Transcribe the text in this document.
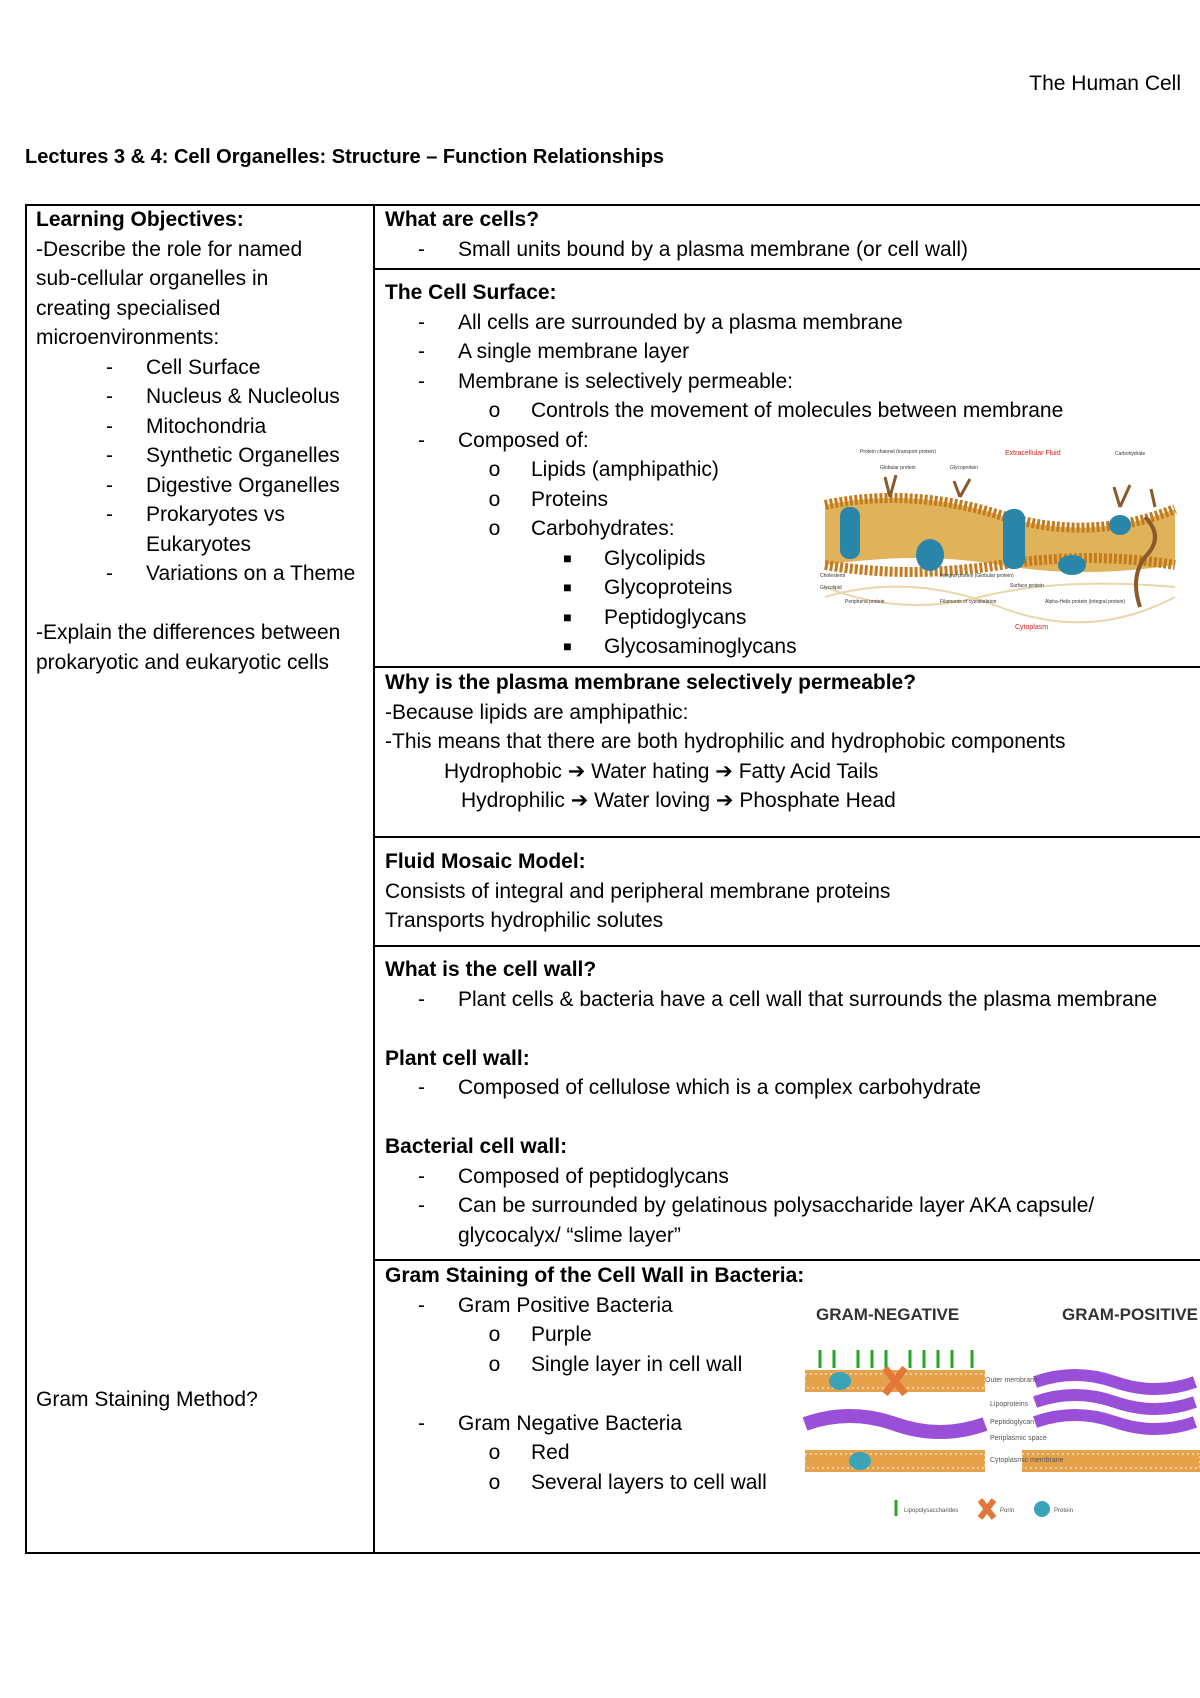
The Human Cell
Lectures 3 & 4: Cell Organelles: Structure – Function Relationships
Learning Objectives:
-Describe the role for named
sub-cellular organelles in
creating specialised
microenvironments:
-	Cell Surface
-	Nucleus & Nucleolus
-	Mitochondria
-	Synthetic Organelles
-	Digestive Organelles
-	Prokaryotes vs
Eukaryotes
-	Variations on a Theme
-Explain the differences between
prokaryotic and eukaryotic cells
Gram Staining Method?
What are cells?
-	Small units bound by a plasma membrane (or cell wall)
The Cell Surface:
-	All cells are surrounded by a plasma membrane
-	A single membrane layer
-	Membrane is selectively permeable:
o	Controls the movement of molecules between membrane
-	Composed of:
o	Lipids (amphipathic)
o	Proteins
o	Carbohydrates:
■	Glycolipids
■	Glycoproteins
■	Peptidoglycans
■	Glycosaminoglycans
Extracellular Fluid
Cytoplasm
Protein channel (transport protein)
Globular protein	Glycoprotein
Carbohydrate
Cholesterol
Glycolipid
Peripheral protein
Integral protein (Globular protein)
Filaments of cytoskeleton
Surface protein
Alpha-Helix protein (integral protein)
Why is the plasma membrane selectively permeable?
-Because lipids are amphipathic:
-This means that there are both hydrophilic and hydrophobic components
Hydrophobic ➔ Water hating ➔ Fatty Acid Tails
Hydrophilic ➔ Water loving ➔ Phosphate Head
Fluid Mosaic Model:
Consists of integral and peripheral membrane proteins
Transports hydrophilic solutes
What is the cell wall?
-	Plant cells & bacteria have a cell wall that surrounds the plasma membrane
Plant cell wall:
-	Composed of cellulose which is a complex carbohydrate
Bacterial cell wall:
-	Composed of peptidoglycans
-	Can be surrounded by gelatinous polysaccharide layer AKA capsule/
glycocalyx/ “slime layer”
Gram Staining of the Cell Wall in Bacteria:
-	Gram Positive Bacteria
o	Purple
o	Single layer in cell wall
-	Gram Negative Bacteria
o	Red
o	Several layers to cell wall
GRAM-NEGATIVE	GRAM-POSITIVE
Outer membrane
Lipoproteins
Peptidoglycan
Periplasmic space
Cytoplasmic membrane
Lipopolysaccharides	Porin	Protein
